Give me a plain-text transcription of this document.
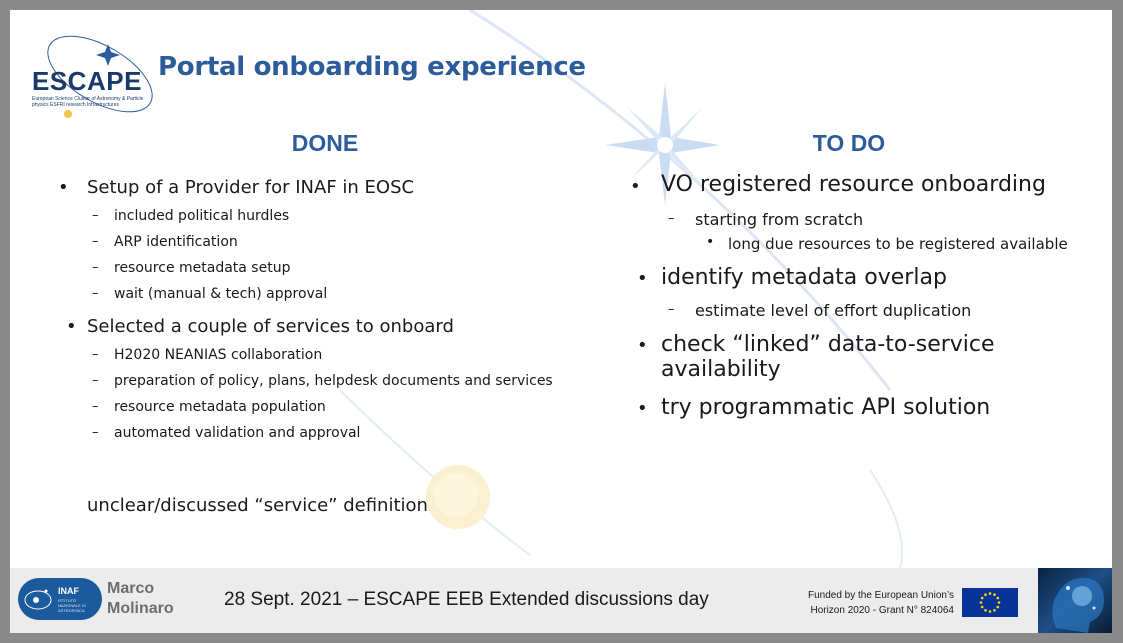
ESCAPE
European Science Cluster of Astronomy & Particle physics ESFRI research Infrastructures
Portal onboarding experience
DONE
• Setup of a Provider for INAF in EOSC
– included political hurdles
– ARP identification
– resource metadata setup
– wait (manual & tech) approval
• Selected a couple of services to onboard
– H2020 NEANIAS collaboration
– preparation of policy, plans, helpdesk documents and services
– resource metadata population
– automated validation and approval
unclear/discussed “service” definition
TO DO
• VO registered resource onboarding
– starting from scratch
• long due resources to be registered available
• identify metadata overlap
– estimate level of effort duplication
• check “linked” data-to-service
availability
• try programmatic API solution
INAF
ISTITUTO NAZIONALE DI ASTROFISICA
Marco
Molinaro	28 Sept. 2021 – ESCAPE EEB Extended discussions day	Funded by the European Union’s
Horizon 2020 - Grant N° 824064
